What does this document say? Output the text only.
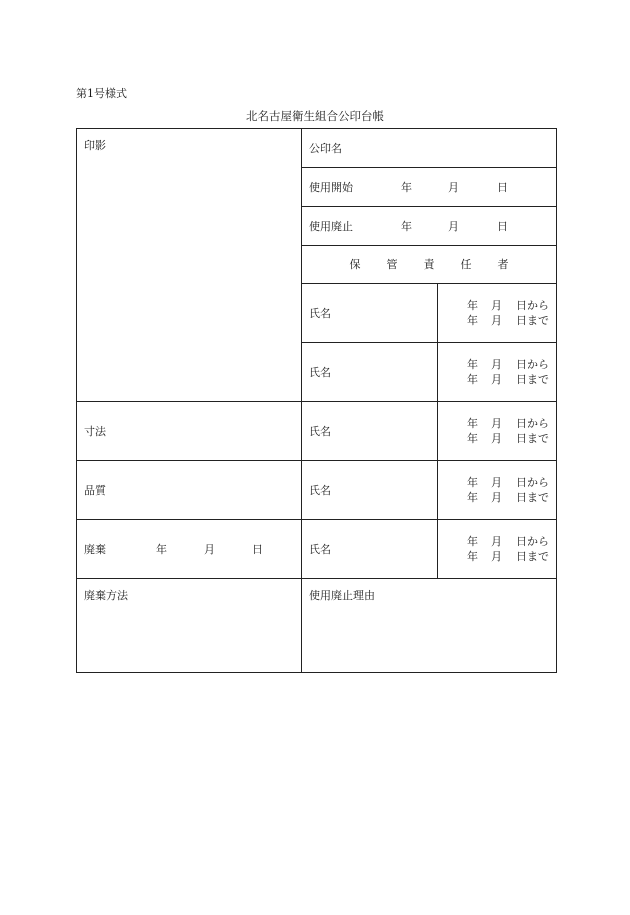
第1号様式
北名古屋衛生組合公印台帳
印影	公印名	
	使用開始 年 月 日	
	使用廃止 年 月 日	
	保 管 責 任 者	
	氏名	年 月 日から
年 月 日まで

	氏名	年 月 日から
年 月 日まで

寸法	氏名	年 月 日から
年 月 日まで

品質	氏名	年 月 日から
年 月 日まで

廃棄 年 月 日	氏名	年 月 日から
年 月 日まで

廃棄方法	使用廃止理由	
